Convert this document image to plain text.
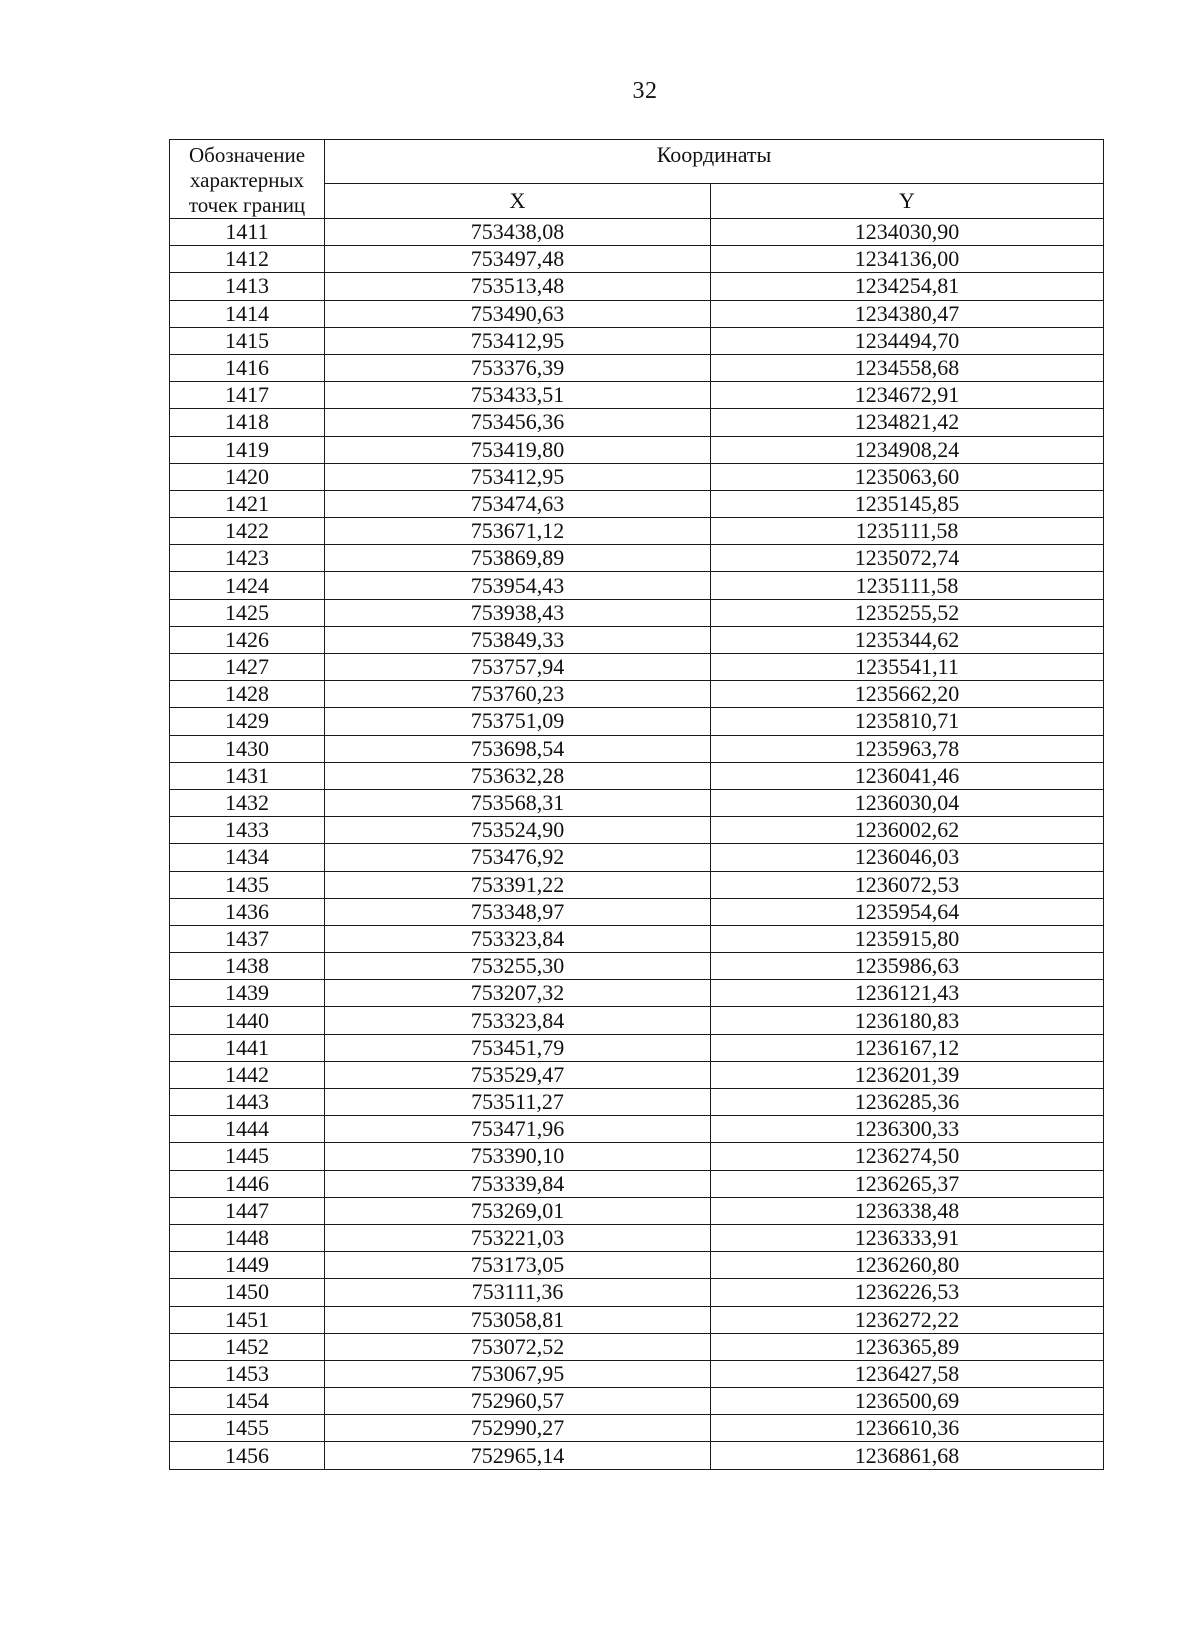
32
Обозначение характерных точек границ	Координаты	
	X	Y
1411	753438,08	1234030,90
1412	753497,48	1234136,00
1413	753513,48	1234254,81
1414	753490,63	1234380,47
1415	753412,95	1234494,70
1416	753376,39	1234558,68
1417	753433,51	1234672,91
1418	753456,36	1234821,42
1419	753419,80	1234908,24
1420	753412,95	1235063,60
1421	753474,63	1235145,85
1422	753671,12	1235111,58
1423	753869,89	1235072,74
1424	753954,43	1235111,58
1425	753938,43	1235255,52
1426	753849,33	1235344,62
1427	753757,94	1235541,11
1428	753760,23	1235662,20
1429	753751,09	1235810,71
1430	753698,54	1235963,78
1431	753632,28	1236041,46
1432	753568,31	1236030,04
1433	753524,90	1236002,62
1434	753476,92	1236046,03
1435	753391,22	1236072,53
1436	753348,97	1235954,64
1437	753323,84	1235915,80
1438	753255,30	1235986,63
1439	753207,32	1236121,43
1440	753323,84	1236180,83
1441	753451,79	1236167,12
1442	753529,47	1236201,39
1443	753511,27	1236285,36
1444	753471,96	1236300,33
1445	753390,10	1236274,50
1446	753339,84	1236265,37
1447	753269,01	1236338,48
1448	753221,03	1236333,91
1449	753173,05	1236260,80
1450	753111,36	1236226,53
1451	753058,81	1236272,22
1452	753072,52	1236365,89
1453	753067,95	1236427,58
1454	752960,57	1236500,69
1455	752990,27	1236610,36
1456	752965,14	1236861,68
